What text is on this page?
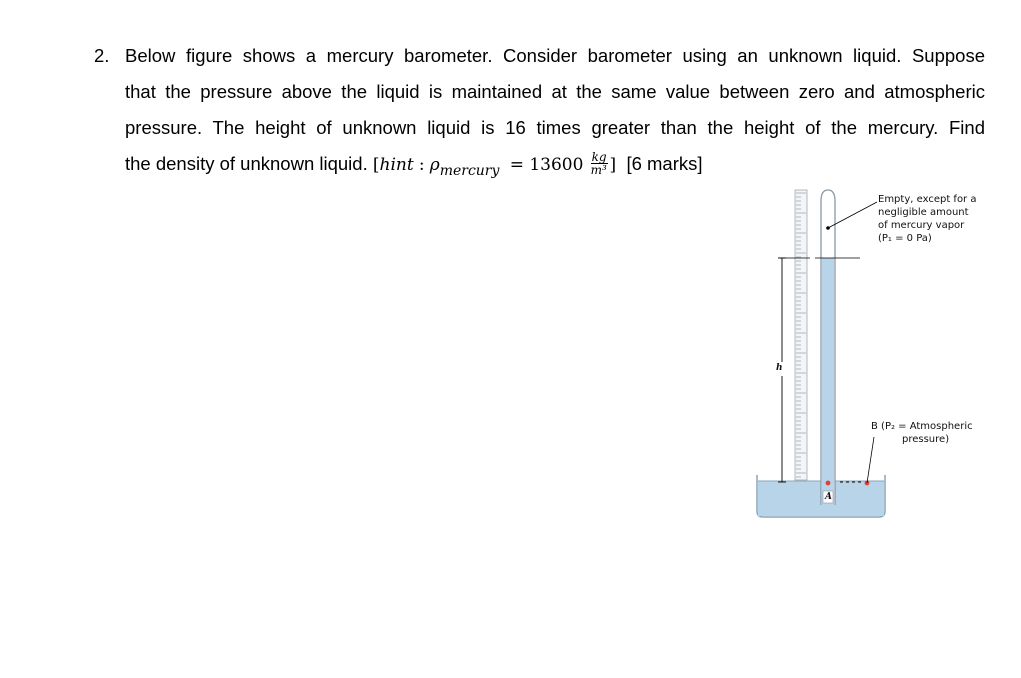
2. Below figure shows a mercury barometer. Consider barometer using an unknown liquid. Suppose
that the pressure above the liquid is maintained at the same value between zero and atmospheric
pressure. The height of unknown liquid is 16 times greater than the height of the mercury. Find
the density of unknown liquid. [hint : $\rho_{mercury} = 13600 \frac{kg}{\text{m³}}$ ] [6 marks]
Empty, except for a
negligible amount
of mercury vapor
(P₁ = 0 Pa)
B (P₂ = Atmospheric
pressure)
h
A
